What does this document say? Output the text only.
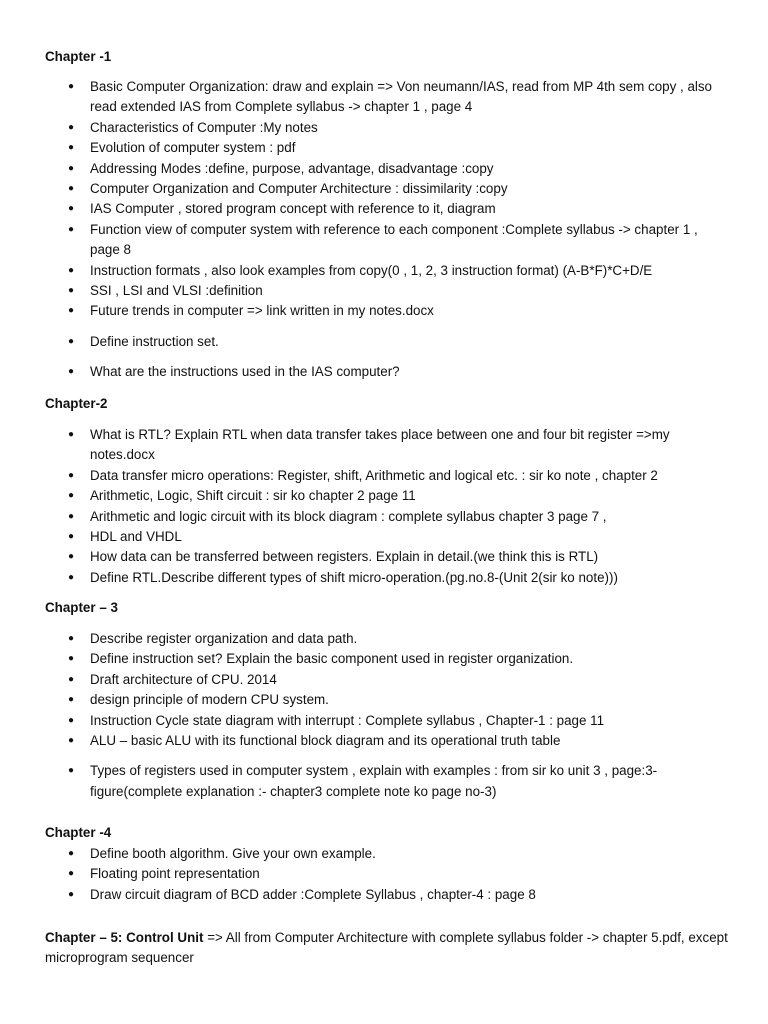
Chapter -1
● Basic Computer Organization: draw and explain => Von neumann/IAS, read from MP 4th sem copy , also read extended IAS from Complete syllabus -> chapter 1 , page 4
● Characteristics of Computer :My notes
● Evolution of computer system : pdf
● Addressing Modes :define, purpose, advantage, disadvantage :copy
● Computer Organization and Computer Architecture : dissimilarity :copy
● IAS Computer , stored program concept with reference to it, diagram
● Function view of computer system with reference to each component :Complete syllabus -> chapter 1 , page 8
● Instruction formats , also look examples from copy(0 , 1, 2, 3 instruction format) (A-B*F)*C+D/E
● SSI , LSI and VLSI :definition
● Future trends in computer => link written in my notes.docx
● Define instruction set.
● What are the instructions used in the IAS computer?
Chapter-2
● What is RTL? Explain RTL when data transfer takes place between one and four bit register =>my notes.docx
● Data transfer micro operations: Register, shift, Arithmetic and logical etc. : sir ko note , chapter 2
● Arithmetic, Logic, Shift circuit : sir ko chapter 2 page 11
● Arithmetic and logic circuit with its block diagram : complete syllabus chapter 3 page 7 ,
● HDL and VHDL
● How data can be transferred between registers. Explain in detail.(we think this is RTL)
● Define RTL.Describe different types of shift micro-operation.(pg.no.8-(Unit 2(sir ko note)))
Chapter – 3
● Describe register organization and data path.
● Define instruction set? Explain the basic component used in register organization.
● Draft architecture of CPU. 2014
● design principle of modern CPU system.
● Instruction Cycle state diagram with interrupt : Complete syllabus , Chapter-1 : page 11
● ALU – basic ALU with its functional block diagram and its operational truth table
● Types of registers used in computer system , explain with examples : from sir ko unit 3 , page:3-figure(complete explanation :- chapter3 complete note ko page no-3)
Chapter -4
● Define booth algorithm. Give your own example.
● Floating point representation
● Draw circuit diagram of BCD adder :Complete Syllabus , chapter-4 : page 8
Chapter – 5: Control Unit => All from Computer Architecture with complete syllabus folder -> chapter 5.pdf, except microprogram sequencer
